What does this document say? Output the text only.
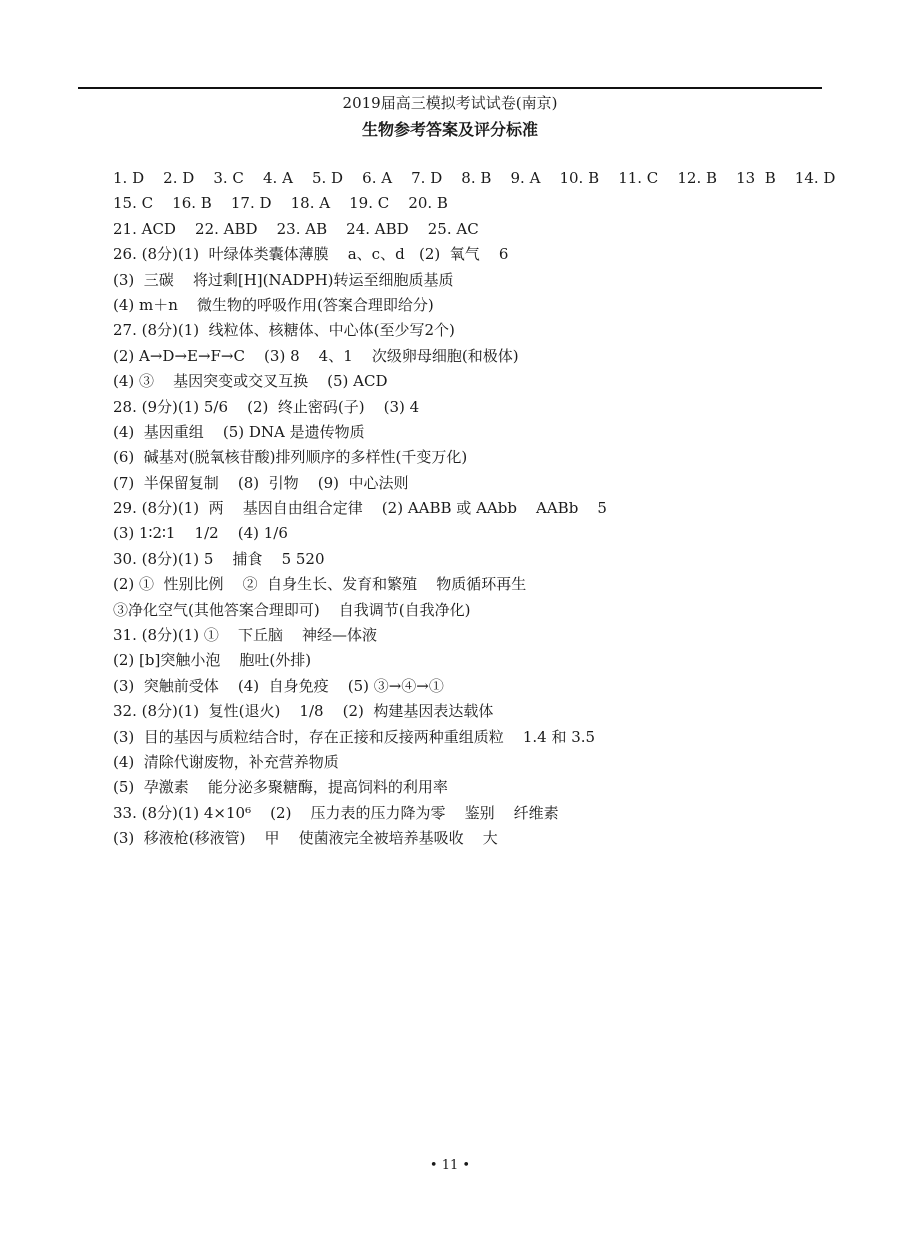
2019届高三模拟考试试卷(南京)
生物参考答案及评分标准
1. D    2. D    3. C    4. A    5. D    6. A    7. D    8. B    9. A    10. B    11. C    12. B    13  B    14. D
15. C    16. B    17. D    18. A    19. C    20. B
21. ACD    22. ABD    23. AB    24. ABD    25. AC
26. (8分)(1)  叶绿体类囊体薄膜    a、c、d   (2)  氧气    6
(3)  三碳    将过剩[H](NADPH)转运至细胞质基质
(4) m＋n    微生物的呼吸作用(答案合理即给分)
27. (8分)(1)  线粒体、核糖体、中心体(至少写2个)
(2) A→D→E→F→C    (3) 8    4、1    次级卵母细胞(和极体)
(4) ③    基因突变或交叉互换    (5) ACD
28. (9分)(1) 5/6    (2)  终止密码(子)    (3) 4
(4)  基因重组    (5) DNA 是遗传物质
(6)  碱基对(脱氧核苷酸)排列顺序的多样性(千变万化)
(7)  半保留复制    (8)  引物    (9)  中心法则
29. (8分)(1)  两    基因自由组合定律    (2) AABB 或 AAbb    AABb    5
(3) 1∶2∶1    1/2    (4) 1/6
30. (8分)(1) 5    捕食    5 520
(2) ①  性别比例    ②  自身生长、发育和繁殖    物质循环再生
③净化空气(其他答案合理即可)    自我调节(自我净化)
31. (8分)(1) ①    下丘脑    神经—体液
(2) [b]突触小泡    胞吐(外排)
(3)  突触前受体    (4)  自身免疫    (5) ③→④→①
32. (8分)(1)  复性(退火)    1/8    (2)  构建基因表达载体
(3)  目的基因与质粒结合时，存在正接和反接两种重组质粒    1.4 和 3.5
(4)  清除代谢废物，补充营养物质
(5)  孕激素    能分泌多聚糖酶，提高饲料的利用率
33. (8分)(1) 4×10⁶    (2)    压力表的压力降为零    鉴别    纤维素
(3)  移液枪(移液管)    甲    使菌液完全被培养基吸收    大
• 11 •
